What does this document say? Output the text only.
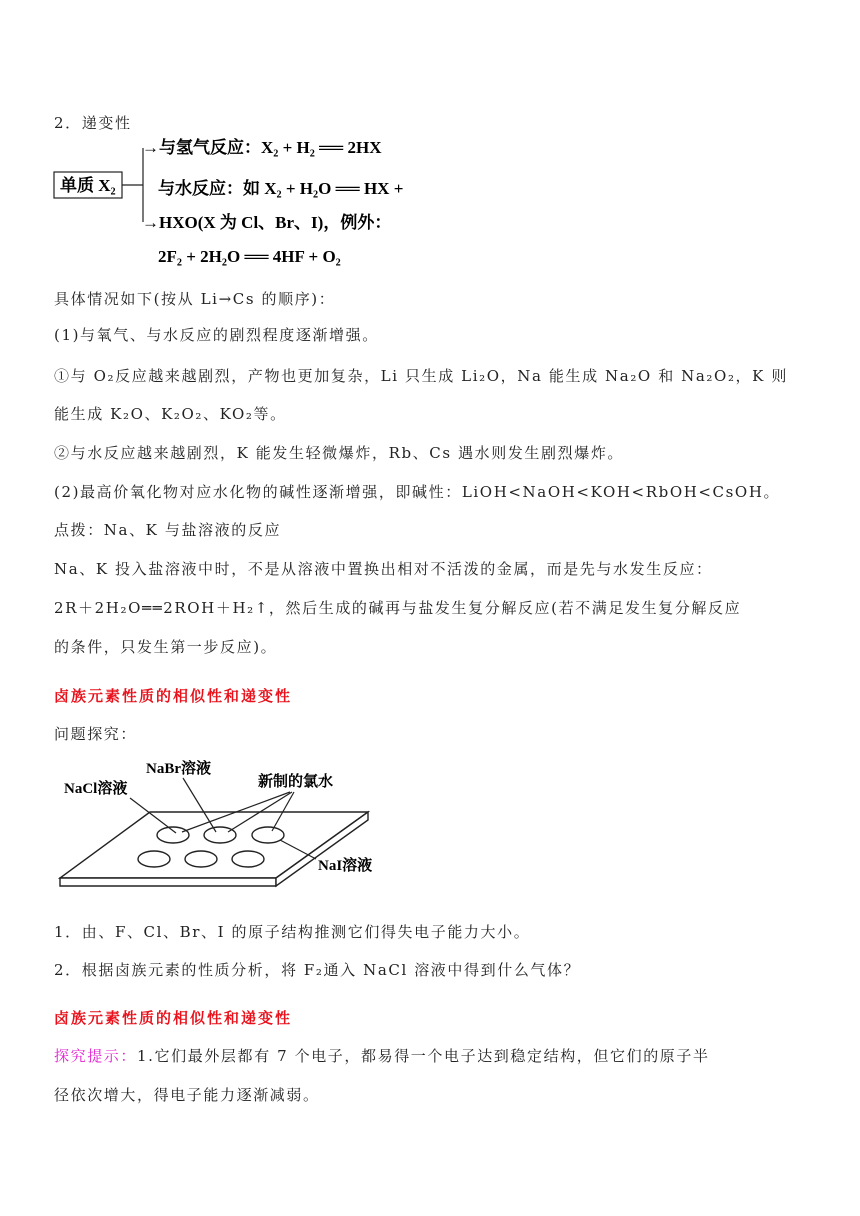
2．递变性
单质 X₂
→与氢气反应：X₂ + H₂ ══ 2HX
与水反应：如 X₂ + H₂O ══ HX +
→HXO(X 为 Cl、Br、I)，例外：
2F₂ + 2H₂O ══ 4HF + O₂
具体情况如下(按从 Li→Cs 的顺序)：
(1)与氧气、与水反应的剧烈程度逐渐增强。
①与 O₂反应越来越剧烈，产物也更加复杂，Li 只生成 Li₂O，Na 能生成 Na₂O 和 Na₂O₂，K 则
能生成 K₂O、K₂O₂、KO₂等。
②与水反应越来越剧烈，K 能发生轻微爆炸，Rb、Cs 遇水则发生剧烈爆炸。
(2)最高价氧化物对应水化物的碱性逐渐增强，即碱性：LiOH<NaOH<KOH<RbOH<CsOH。
点拨：Na、K 与盐溶液的反应
Na、K 投入盐溶液中时，不是从溶液中置换出相对不活泼的金属，而是先与水发生反应：
2R＋2H₂O══2ROH＋H₂↑，然后生成的碱再与盐发生复分解反应(若不满足发生复分解反应
的条件，只发生第一步反应)。
卤族元素性质的相似性和递变性
问题探究：
NaCl溶液
NaBr溶液
新制的氯水
NaI溶液
1．由、F、Cl、Br、I 的原子结构推测它们得失电子能力大小。
2．根据卤族元素的性质分析，将 F₂通入 NaCl 溶液中得到什么气体？
卤族元素性质的相似性和递变性
探究提示：1.它们最外层都有 7 个电子，都易得一个电子达到稳定结构，但它们的原子半
径依次增大，得电子能力逐渐减弱。
